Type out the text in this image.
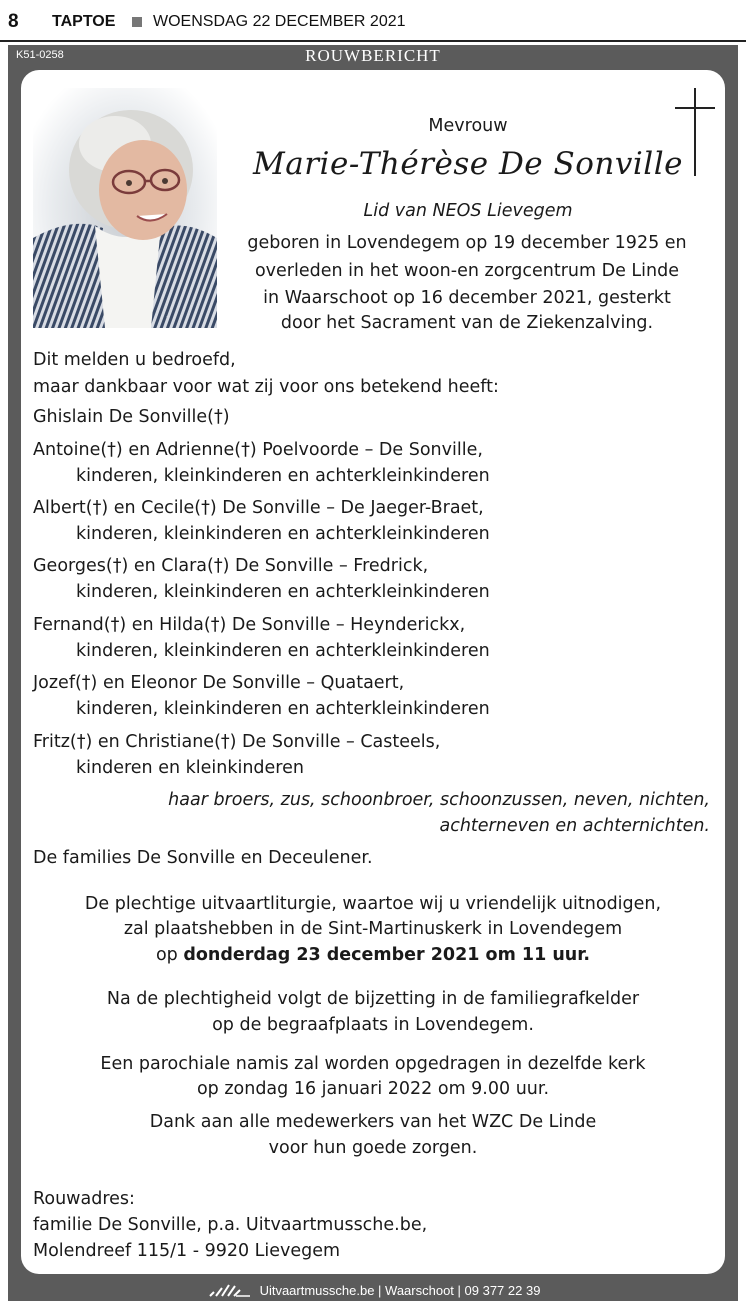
8 TAPTOE WOENSDAG 22 DECEMBER 2021
K51-0258	ROUWBERICHT
Mevrouw
Marie-Thérèse De Sonville
Lid van NEOS Lievegem
geboren in Lovendegem op 19 december 1925 en
overleden in het woon-en zorgcentrum De Linde
in Waarschoot op 16 december 2021, gesterkt
door het Sacrament van de Ziekenzalving.
Dit melden u bedroefd,
maar dankbaar voor wat zij voor ons betekend heeft:
Ghislain De Sonville(†)
Antoine(†) en Adrienne(†) Poelvoorde – De Sonville,
kinderen, kleinkinderen en achterkleinkinderen
Albert(†) en Cecile(†) De Sonville – De Jaeger-Braet,
kinderen, kleinkinderen en achterkleinkinderen
Georges(†) en Clara(†) De Sonville – Fredrick,
kinderen, kleinkinderen en achterkleinkinderen
Fernand(†) en Hilda(†) De Sonville – Heynderickx,
kinderen, kleinkinderen en achterkleinkinderen
Jozef(†) en Eleonor De Sonville – Quataert,
kinderen, kleinkinderen en achterkleinkinderen
Fritz(†) en Christiane(†) De Sonville – Casteels,
kinderen en kleinkinderen
haar broers, zus, schoonbroer, schoonzussen, neven, nichten,
achterneven en achternichten.
De families De Sonville en Deceulener.
De plechtige uitvaartliturgie, waartoe wij u vriendelijk uitnodigen,
zal plaatshebben in de Sint-Martinuskerk in Lovendegem
op donderdag 23 december 2021 om 11 uur.
Na de plechtigheid volgt de bijzetting in de familiegrafkelder
op de begraafplaats in Lovendegem.
Een parochiale namis zal worden opgedragen in dezelfde kerk
op zondag 16 januari 2022 om 9.00 uur.
Dank aan alle medewerkers van het WZC De Linde
voor hun goede zorgen.
Rouwadres:
familie De Sonville, p.a. Uitvaartmussche.be,
Molendreef 115/1 - 9920 Lievegem
Uitvaartmussche.be | Waarschoot | 09 377 22 39
